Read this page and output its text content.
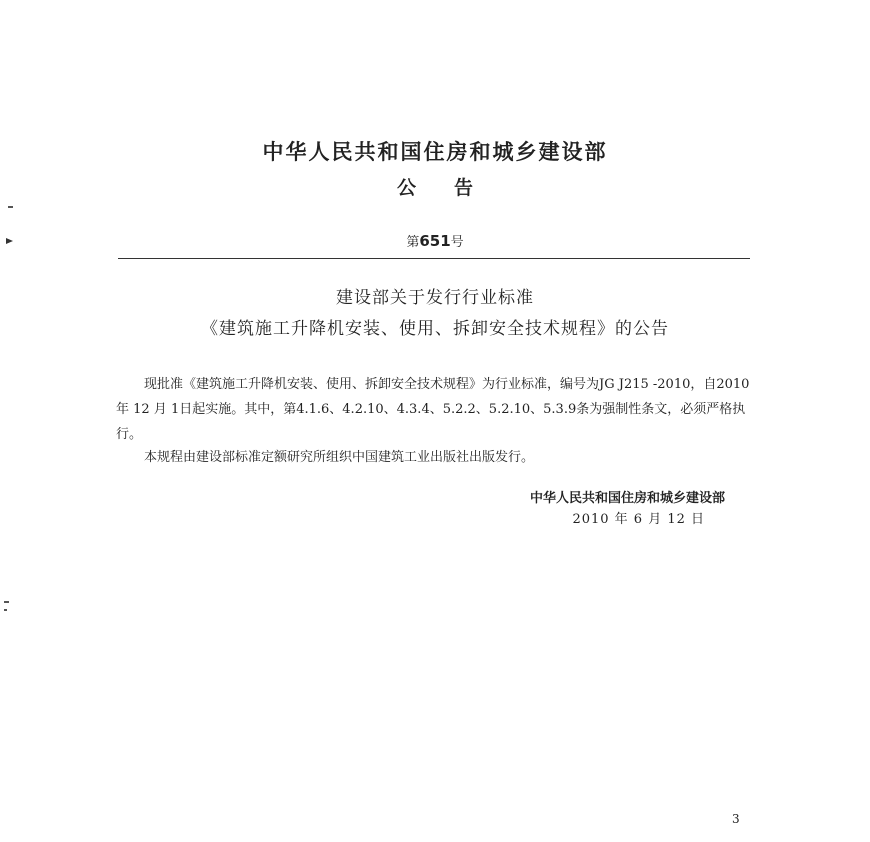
中华人民共和国住房和城乡建设部
公告
第651号
建设部关于发行行业标准
《建筑施工升降机安装、使用、拆卸安全技术规程》的公告
现批准《建筑施工升降机安装、使用、拆卸安全技术规程》为行业标准，编号为JG J215 -2010，自2010年 12 月 1日起实施。其中，第4.1.6、4.2.10、4.3.4、5.2.2、5.2.10、5.3.9条为强制性条文，必须严格执行。
本规程由建设部标准定额研究所组织中国建筑工业出版社出版发行。
中华人民共和国住房和城乡建设部
2010 年 6 月 12 日
3
